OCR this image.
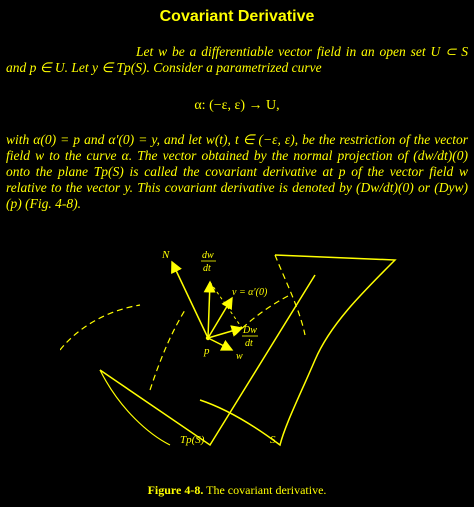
Covariant Derivative

Let w be a differentiable vector field in an open set U ⊂ S and p ∈ U. Let y ∈ Tp(S). Consider a parametrized curve

α: (−ε, ε) → U,

with α(0) = p and α′(0) = y, and let w(t), t ∈ (−ε, ε), be the restriction of the vector field w to the curve α. The vector obtained by the normal projection of (dw/dt)(0) onto the plane Tp(S) is called the covariant derivative at p of the vector field w relative to the vector y. This covariant derivative is denoted by (Dw/dt)(0) or (Dyw)(p) (Fig. 4-8).

N	dw
dt
v = α′(0)
Dw
dt
p	w
Tp(S)	S
Figure 4-8. The covariant derivative.
